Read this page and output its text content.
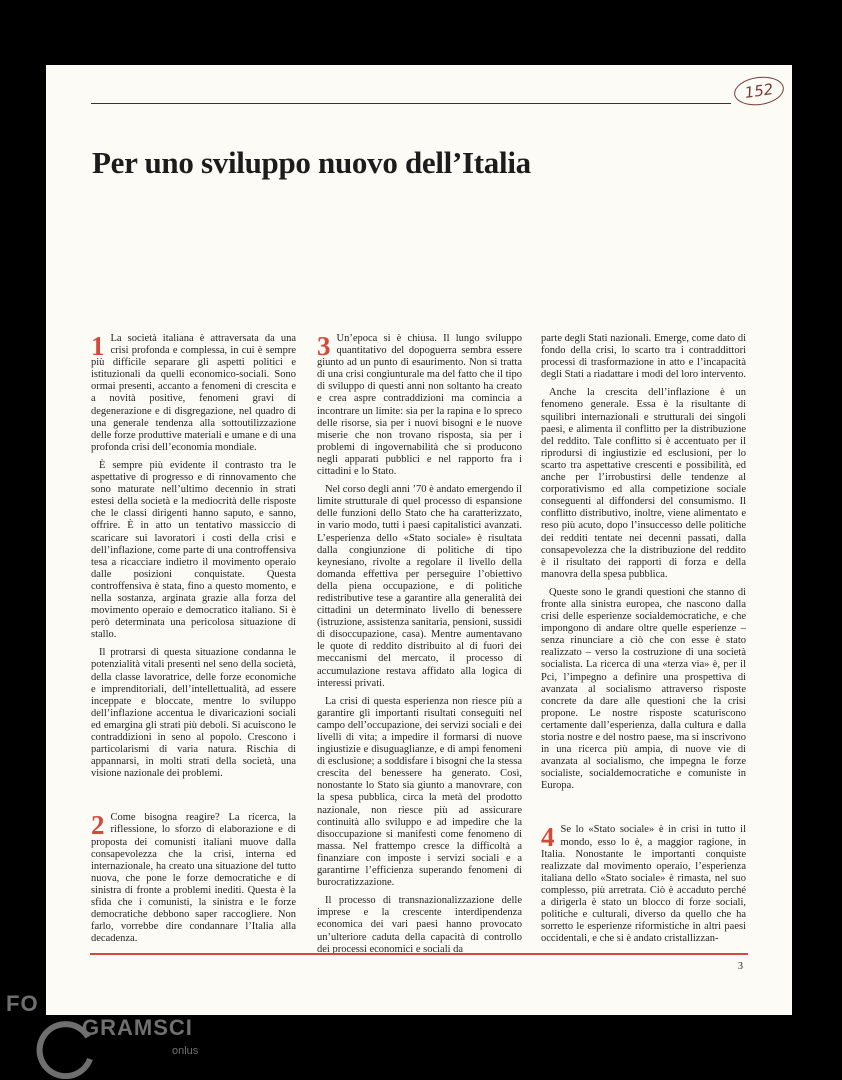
152
Per uno sviluppo nuovo dell’Italia

1 La società italiana è attraversata da una crisi profonda e complessa, in cui è sempre più difficile separare gli aspetti politici e istituzionali da quelli economico-sociali. Sono ormai presenti, accanto a fenomeni di crescita e a novità positive, fenomeni gravi di degenerazione e di disgregazione, nel quadro di una generale tendenza alla sottoutilizzazione delle forze produttive materiali e umane e di una profonda crisi dell’economia mondiale.

È sempre più evidente il contrasto tra le aspettative di progresso e di rinnovamento che sono maturate nell’ultimo decennio in strati estesi della società e la mediocrità delle risposte che le classi dirigenti hanno saputo, e sanno, offrire. È in atto un tentativo massiccio di scaricare sui lavoratori i costi della crisi e dell’inflazione, come parte di una controffensiva tesa a ricacciare indietro il movimento operaio dalle posizioni conquistate. Questa controffensiva è stata, fino a questo momento, e nella sostanza, arginata grazie alla forza del movimento operaio e democratico italiano. Si è però determinata una pericolosa situazione di stallo.

Il protrarsi di questa situazione condanna le potenzialità vitali presenti nel seno della società, della classe lavoratrice, delle forze economiche e imprenditoriali, dell’intellettualità, ad essere inceppate e bloccate, mentre lo sviluppo dell’inflazione accentua le divaricazioni sociali ed emargina gli strati più deboli. Si acuiscono le contraddizioni in seno al popolo. Crescono i particolarismi di varia natura. Rischia di appannarsi, in molti strati della società, una visione nazionale dei problemi.

2 Come bisogna reagire? La ricerca, la riflessione, lo sforzo di elaborazione e di proposta dei comunisti italiani muove dalla consapevolezza che la crisi, interna ed internazionale, ha creato una situazione del tutto nuova, che pone le forze democratiche e di sinistra di fronte a problemi inediti. Questa è la sfida che i comunisti, la sinistra e le forze democratiche debbono saper raccogliere. Non farlo, vorrebbe dire condannare l’Italia alla decadenza.

3 Un’epoca si è chiusa. Il lungo sviluppo quantitativo del dopoguerra sembra essere giunto ad un punto di esaurimento. Non si tratta di una crisi congiunturale ma del fatto che il tipo di sviluppo di questi anni non soltanto ha creato e crea aspre contraddizioni ma comincia a incontrare un limite: sia per la rapina e lo spreco delle risorse, sia per i nuovi bisogni e le nuove miserie che non trovano risposta, sia per i problemi di ingovernabilità che si producono negli apparati pubblici e nel rapporto fra i cittadini e lo Stato.

Nel corso degli anni ’70 è andato emergendo il limite strutturale di quel processo di espansione delle funzioni dello Stato che ha caratterizzato, in vario modo, tutti i paesi capitalistici avanzati. L’esperienza dello «Stato sociale» è risultata dalla congiunzione di politiche di tipo keynesiano, rivolte a regolare il livello della domanda effettiva per perseguire l’obiettivo della piena occupazione, e di politiche redistributive tese a garantire alla generalità dei cittadini un determinato livello di benessere (istruzione, assistenza sanitaria, pensioni, sussidi di disoccupazione, casa). Mentre aumentavano le quote di reddito distribuito al di fuori dei meccanismi del mercato, il processo di accumulazione restava affidato alla logica di interessi privati.

La crisi di questa esperienza non riesce più a garantire gli importanti risultati conseguiti nel campo dell’occupazione, dei servizi sociali e dei livelli di vita; a impedire il formarsi di nuove ingiustizie e disuguaglianze, e di ampi fenomeni di esclusione; a soddisfare i bisogni che la stessa crescita del benessere ha generato. Così, nonostante lo Stato sia giunto a manovrare, con la spesa pubblica, circa la metà del prodotto nazionale, non riesce più ad assicurare continuità allo sviluppo e ad impedire che la disoccupazione si manifesti come fenomeno di massa. Nel frattempo cresce la difficoltà a finanziare con imposte i servizi sociali e a garantirne l’efficienza superando fenomeni di burocratizzazione.

Il processo di transnazionalizzazione delle imprese e la crescente interdipendenza economica dei vari paesi hanno provocato un’ulteriore caduta della capacità di controllo dei processi economici e sociali da

parte degli Stati nazionali. Emerge, come dato di fondo della crisi, lo scarto tra i contraddittori processi di trasformazione in atto e l’incapacità degli Stati a riadattare i modi del loro intervento.

Anche la crescita dell’inflazione è un fenomeno generale. Essa è la risultante di squilibri internazionali e strutturali dei singoli paesi, e alimenta il conflitto per la distribuzione del reddito. Tale conflitto si è accentuato per il riprodursi di ingiustizie ed esclusioni, per lo scarto tra aspettative crescenti e possibilità, ed anche per l’irrobustirsi delle tendenze al corporativismo ed alla competizione sociale conseguenti al diffondersi del consumismo. Il conflitto distributivo, inoltre, viene alimentato e reso più acuto, dopo l’insuccesso delle politiche dei redditi tentate nei decenni passati, dalla consapevolezza che la distribuzione del reddito è il risultato dei rapporti di forza e della manovra della spesa pubblica.

Queste sono le grandi questioni che stanno di fronte alla sinistra europea, che nascono dalla crisi delle esperienze socialdemocratiche, e che impongono di andare oltre quelle esperienze – senza rinunciare a ciò che con esse è stato realizzato – verso la costruzione di una società socialista. La ricerca di una «terza via» è, per il Pci, l’impegno a definire una prospettiva di avanzata al socialismo attraverso risposte concrete da dare alle questioni che la crisi propone. Le nostre risposte scaturiscono certamente dall’esperienza, dalla cultura e dalla storia nostre e del nostro paese, ma si inscrivono in una ricerca più ampia, di nuove vie di avanzata al socialismo, che impegna le forze socialiste, socialdemocratiche e comuniste in Europa.

4 Se lo «Stato sociale» è in crisi in tutto il mondo, esso lo è, a maggior ragione, in Italia. Nonostante le importanti conquiste realizzate dal movimento operaio, l’esperienza italiana dello «Stato sociale» è rimasta, nel suo complesso, più arretrata. Ciò è accaduto perché a dirigerla è stato un blocco di forze sociali, politiche e culturali, diverso da quello che ha sorretto le esperienze riformistiche in altri paesi occidentali, e che si è andato cristallizzan-

3
FO
GRAMSCI
onlus
